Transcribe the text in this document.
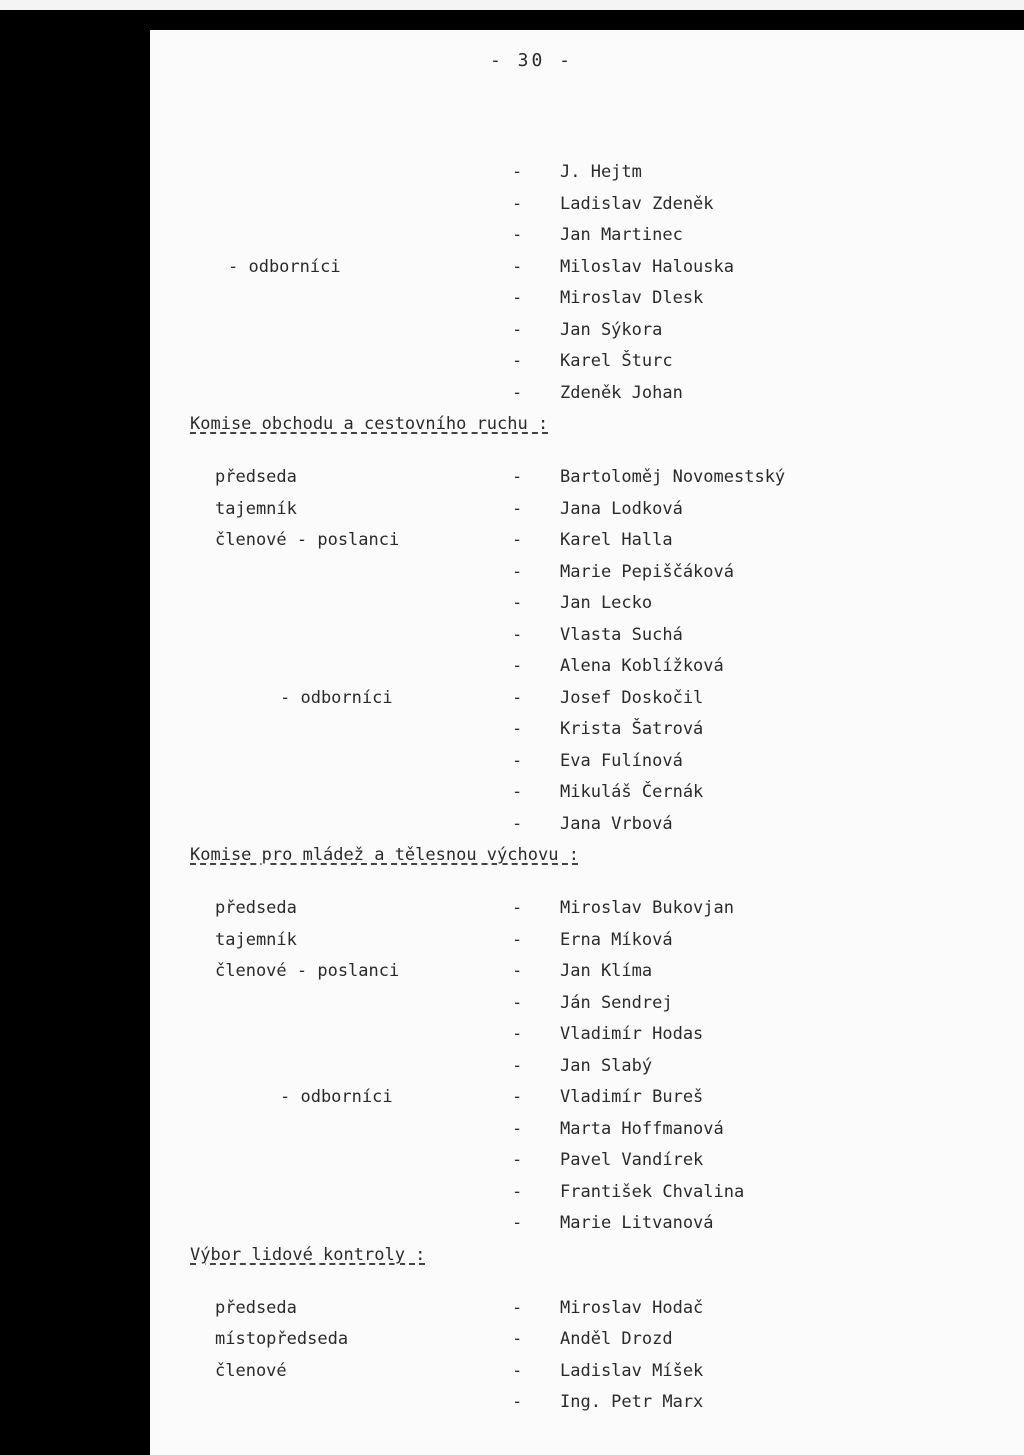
- 30 -
- J. Hejtm
- Ladislav Zdeněk
- Jan Martinec
- odborníci	- Miloslav Halouska
- Miroslav Dlesk
- Jan Sýkora
- Karel Šturc
- Zdeněk Johan
Komise obchodu a cestovního ruchu :
předseda	- Bartoloměj Novomestský
tajemník	- Jana Lodková
členové - poslanci	- Karel Halla
- Marie Pepiščáková
- Jan Lecko
- Vlasta Suchá
- Alena Koblížková
- odborníci	- Josef Doskočil
- Krista Šatrová
- Eva Fulínová
- Mikuláš Černák
- Jana Vrbová
Komise pro mládež a tělesnou výchovu :
předseda	- Miroslav Bukovjan
tajemník	- Erna Míková
členové - poslanci	- Jan Klíma
- Ján Sendrej
- Vladimír Hodas
- Jan Slabý
- odborníci	- Vladimír Bureš
- Marta Hoffmanová
- Pavel Vandírek
- František Chvalina
- Marie Litvanová
Výbor lidové kontroly :
předseda	- Miroslav Hodač
místopředseda	- Anděl Drozd
členové	- Ladislav Míšek
- Ing. Petr Marx
